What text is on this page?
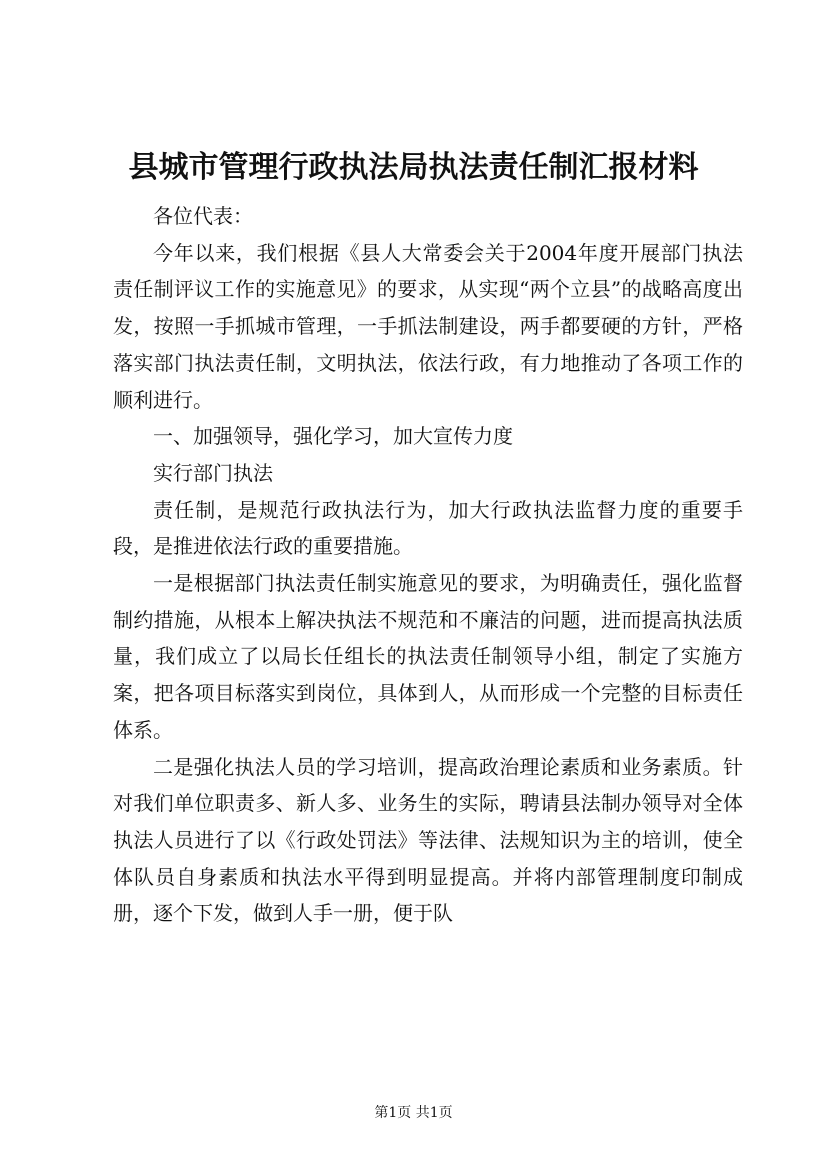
县城市管理行政执法局执法责任制汇报材料

各位代表：

今年以来，我们根据《县人大常委会关于2004年度开展部门执法责任制评议工作的实施意见》的要求，从实现“两个立县”的战略高度出发，按照一手抓城市管理，一手抓法制建设，两手都要硬的方针，严格落实部门执法责任制，文明执法，依法行政，有力地推动了各项工作的顺利进行。

一、加强领导，强化学习，加大宣传力度

实行部门执法

责任制，是规范行政执法行为，加大行政执法监督力度的重要手段，是推进依法行政的重要措施。

一是根据部门执法责任制实施意见的要求，为明确责任，强化监督制约措施，从根本上解决执法不规范和不廉洁的问题，进而提高执法质量，我们成立了以局长任组长的执法责任制领导小组，制定了实施方案，把各项目标落实到岗位，具体到人，从而形成一个完整的目标责任体系。

二是强化执法人员的学习培训，提高政治理论素质和业务素质。针对我们单位职责多、新人多、业务生的实际，聘请县法制办领导对全体执法人员进行了以《行政处罚法》等法律、法规知识为主的培训，使全体队员自身素质和执法水平得到明显提高。并将内部管理制度印制成册，逐个下发，做到人手一册，便于队

第1页 共1页
